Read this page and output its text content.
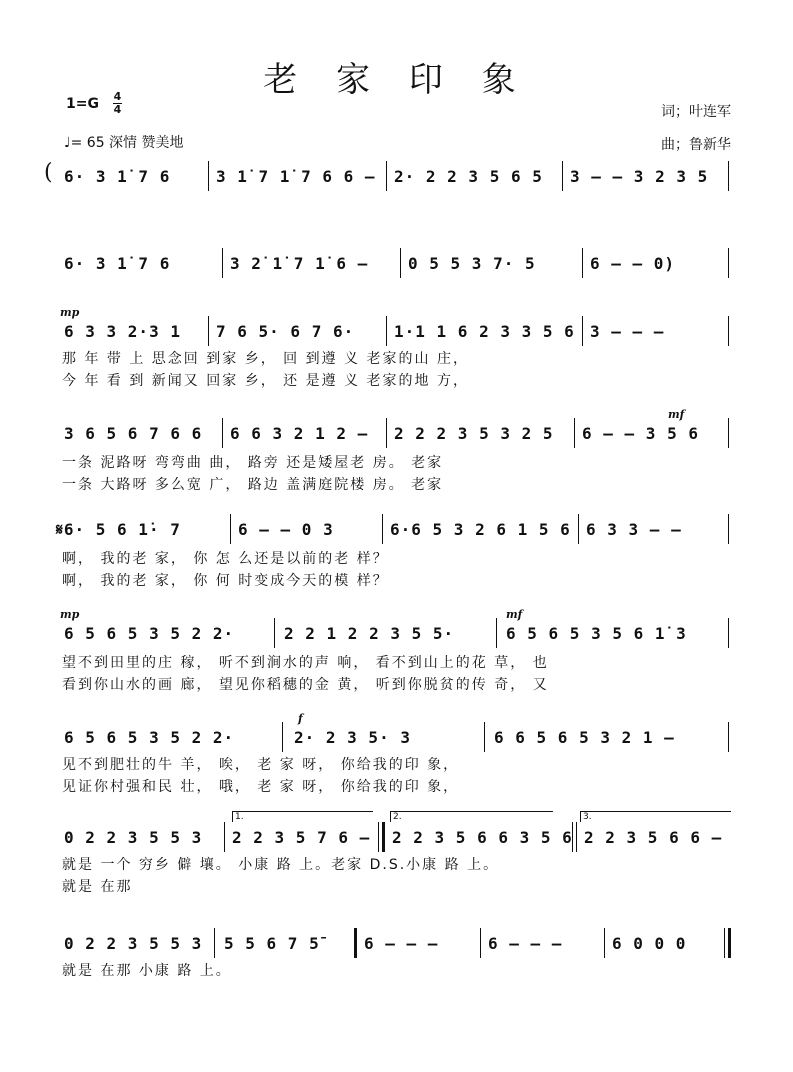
老 家 印 象
1=G 4
4
♩= 65 深情 赞美地
词；叶连军
曲；鲁新华
( 6· 3 1̇ 7 6	3 1̇ 7 1̇ 7 6 6 – 2· 2 2 3 5 6 5 3 – – 3 2 3 5
6· 3 1̇ 7 6	3 2̇ 1̇ 7 1̇ 6 – 0 5 5 3 7· 5	6 – – 0)
mp
6 3 3 2·3 1 7 6 5· 6 7 6· 1·1 1 6 2 3 3 5 6 3 – – –
那 年 带 上 思念回 到家 乡， 回 到遵 义 老家的山 庄，
今 年 看 到 新闻又 回家 乡， 还 是遵 义 老家的地 方，
mf
3 6 5 6 7 6 6 6 6 3 2 1 2 – 2 2 2 3 5 3 2 5 6 – – 3 5 6
一条 泥路呀 弯弯曲 曲， 路旁 还是矮屋老 房。 老家
一条 大路呀 多么宽 广， 路边 盖满庭院楼 房。 老家
𝄋6· 5 6 1̇· 7	6 – – 0 3	6·6 5 3 2 6 1 5 6 6 3 3 – –
啊， 我的老 家， 你 怎 么还是以前的老 样？
啊， 我的老 家， 你 何 时变成今天的模 样？
mp	mf
6 5 6 5 3 5 2 2·	2 2 1 2 2 3 5 5·	6 5 6 5 3 5 6 1̇ 3
望不到田里的庄 稼， 听不到涧水的声 响， 看不到山上的花 草， 也
看到你山水的画 廊， 望见你稻穗的金 黄， 听到你脱贫的传 奇， 又
f
6 5 6 5 3 5 2 2·	2· 2 3 5· 3	6 6 5 6 5 3 2 1 –
见不到肥壮的牛 羊， 唉， 老 家 呀， 你给我的印 象，
见证你村强和民 壮， 哦， 老 家 呀， 你给我的印 象，
1.	2.	3.
0 2 2 3 5 5 3 2 2 3 5 7 6 – 2 2 3 5 6 6 3 5 6 2 2 3 5 6 6 –
就是 一个 穷乡 僻 壤。 小康 路 上。老家 D.S.小康 路 上。
就是 在那
0 2 2 3 5 5 3 5 5 6 7 5̄	6 – – –	6 – – –	6 0 0 0
就是 在那 小康 路 上。
